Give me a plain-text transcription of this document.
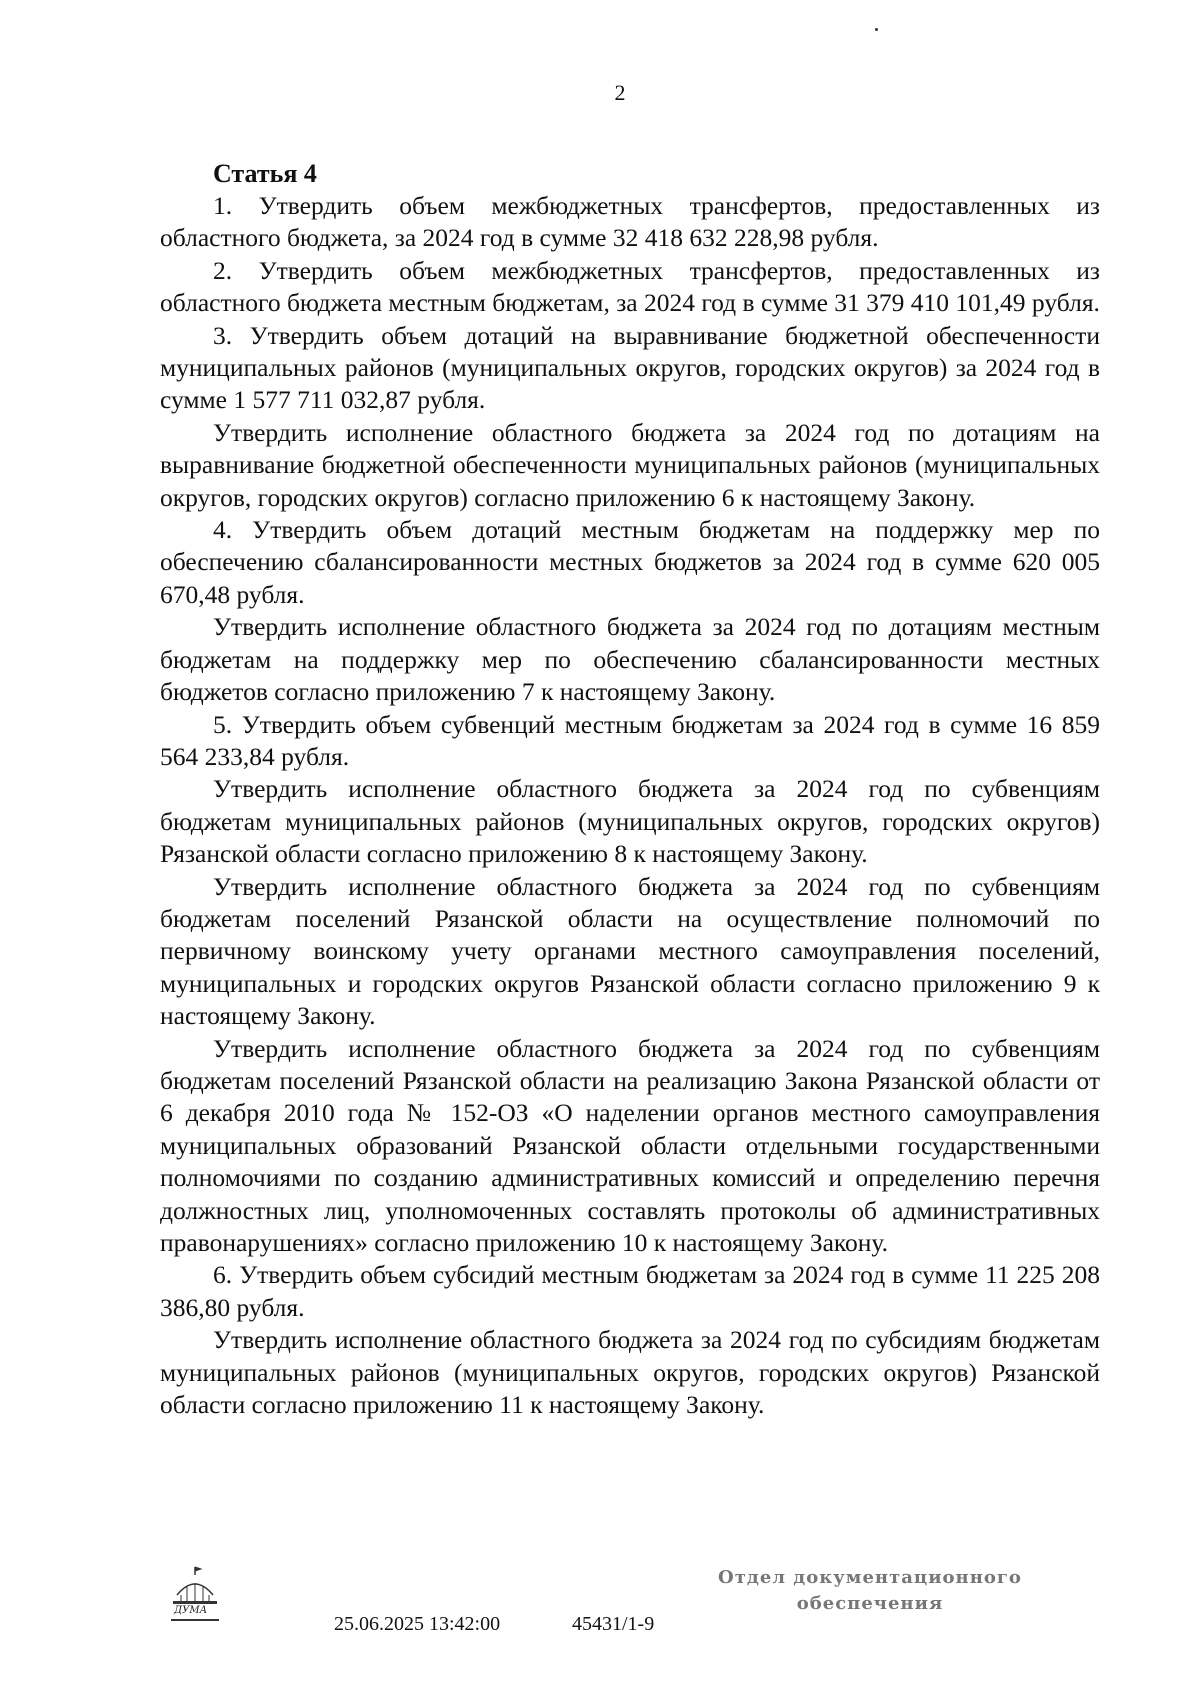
2

Статья 4

1. Утвердить объем межбюджетных трансфертов, предоставленных из областного бюджета, за 2024 год в сумме 32 418 632 228,98 рубля.

2. Утвердить объем межбюджетных трансфертов, предоставленных из областного бюджета местным бюджетам, за 2024 год в сумме 31 379 410 101,49 рубля.

3. Утвердить объем дотаций на выравнивание бюджетной обеспеченности муниципальных районов (муниципальных округов, городских округов) за 2024 год в сумме 1 577 711 032,87 рубля.

Утвердить исполнение областного бюджета за 2024 год по дотациям на выравнивание бюджетной обеспеченности муниципальных районов (муниципальных округов, городских округов) согласно приложению 6 к настоящему Закону.

4. Утвердить объем дотаций местным бюджетам на поддержку мер по обеспечению сбалансированности местных бюджетов за 2024 год в сумме 620 005 670,48 рубля.

Утвердить исполнение областного бюджета за 2024 год по дотациям местным бюджетам на поддержку мер по обеспечению сбалансированности местных бюджетов согласно приложению 7 к настоящему Закону.

5. Утвердить объем субвенций местным бюджетам за 2024 год в сумме 16 859 564 233,84 рубля.

Утвердить исполнение областного бюджета за 2024 год по субвенциям бюджетам муниципальных районов (муниципальных округов, городских округов) Рязанской области согласно приложению 8 к настоящему Закону.

Утвердить исполнение областного бюджета за 2024 год по субвенциям бюджетам поселений Рязанской области на осуществление полномочий по первичному воинскому учету органами местного самоуправления поселений, муниципальных и городских округов Рязанской области согласно приложению 9 к настоящему Закону.

Утвердить исполнение областного бюджета за 2024 год по субвенциям бюджетам поселений Рязанской области на реализацию Закона Рязанской области от 6 декабря 2010 года № 152-ОЗ «О наделении органов местного самоуправления муниципальных образований Рязанской области отдельными государственными полномочиями по созданию административных комиссий и определению перечня должностных лиц, уполномоченных составлять протоколы об административных правонарушениях» согласно приложению 10 к настоящему Закону.

6. Утвердить объем субсидий местным бюджетам за 2024 год в сумме 11 225 208 386,80 рубля.

Утвердить исполнение областного бюджета за 2024 год по субсидиям бюджетам муниципальных районов (муниципальных округов, городских округов) Рязанской области согласно приложению 11 к настоящему Закону.

ДУМА
25.06.2025 13:42:00	45431/1-9
Отдел документационного
обеспечения
